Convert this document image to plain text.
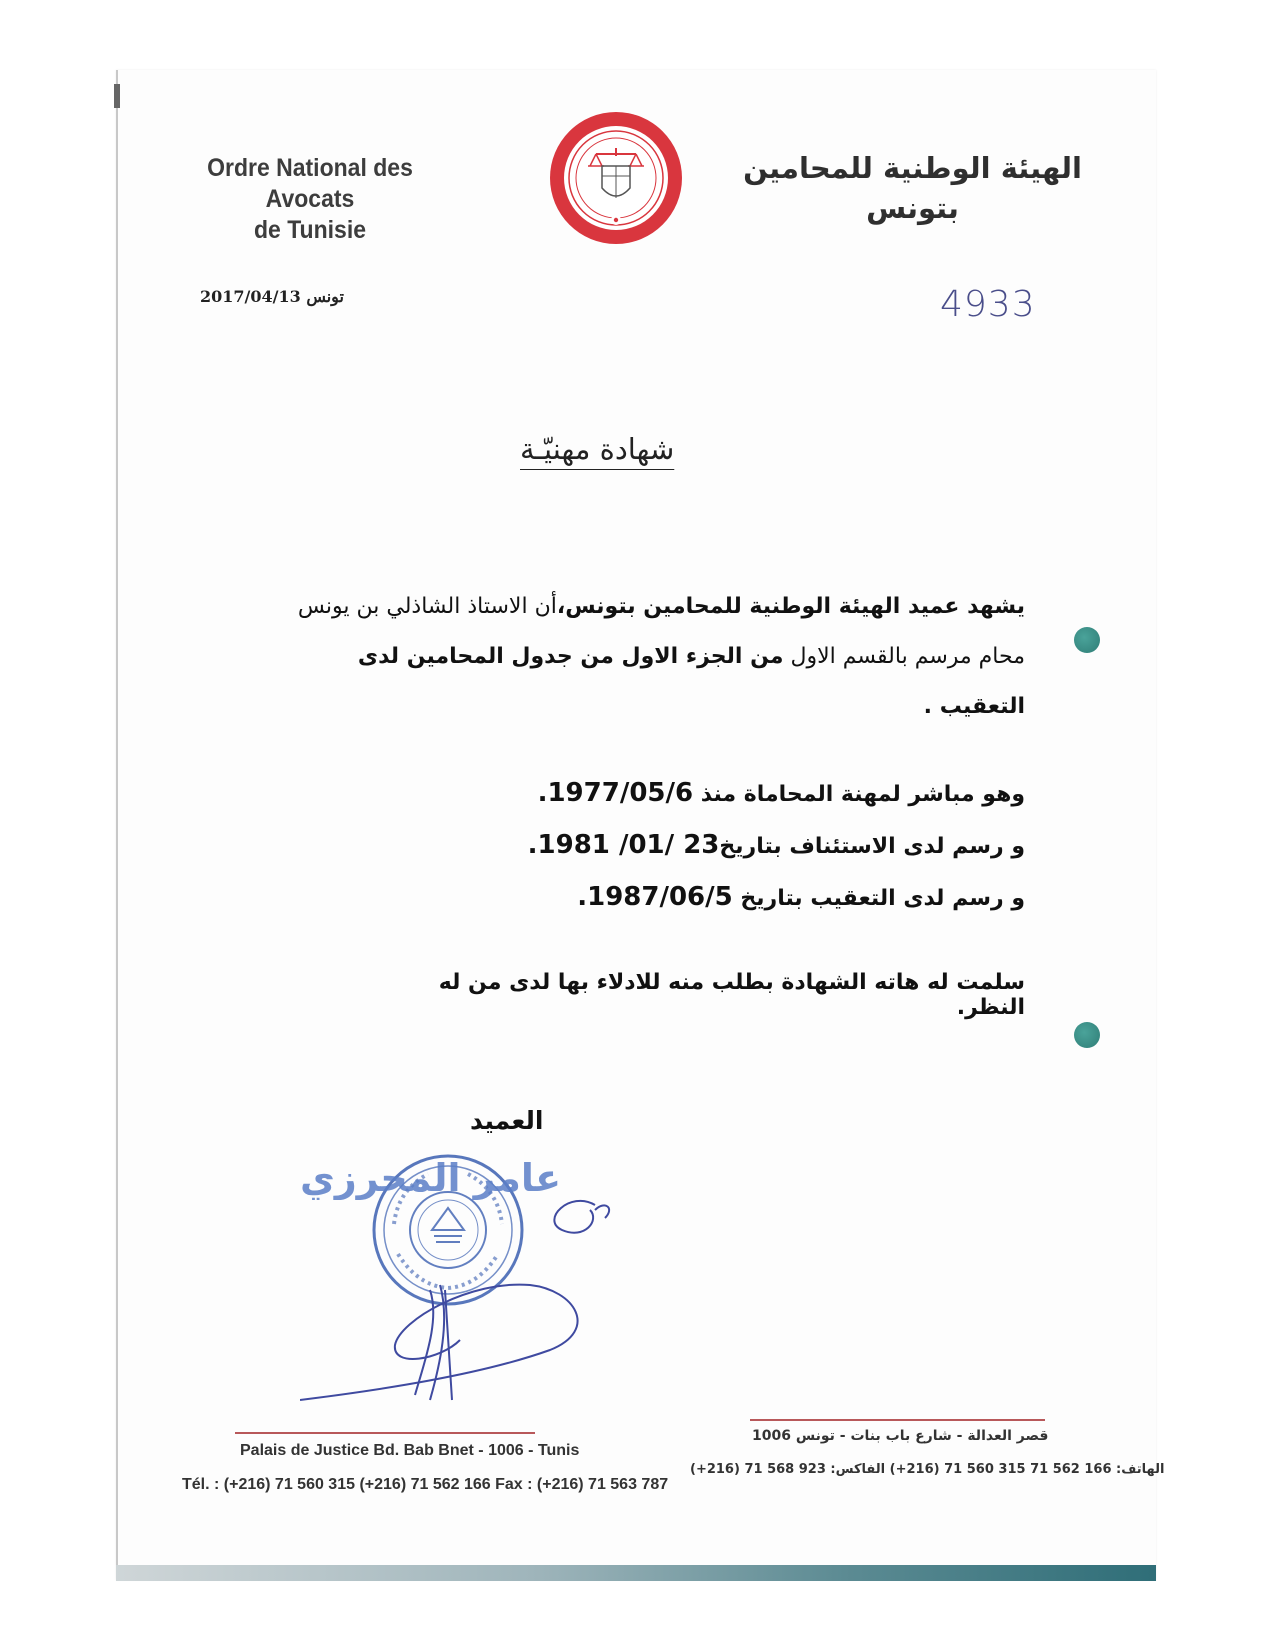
Ordre National des Avocats
de Tunisie
الهيئة الوطنية للمحامين
بتونس
تونس 2017/04/13	4933
شهادة مهنيّـة
يشهد عميد الهيئة الوطنية للمحامين بتونس،أن الاستاذ الشاذلي بن يونس
محام مرسم بالقسم الاول من الجزء الاول من جدول المحامين لدى
التعقيب .
وهو مباشر لمهنة المحاماة منذ 1977/05/6.
و رسم لدى الاستئناف بتاريخ23 /01/ 1981.
و رسم لدى التعقيب بتاريخ 1987/06/5.
سلمت له هاته الشهادة بطلب منه للادلاء بها لدى من له النظر.
العميد
عامر المحرزي
Palais de Justice Bd. Bab Bnet - 1006 - Tunis
Tél. : (+216) 71 560 315 (+216) 71 562 166 Fax : (+216) 71 563 787
قصر العدالة - شارع باب بنات - تونس 1006
الهاتف: 166 562 71 315 560 71 (216+) الفاكس: 923 568 71 (216+)
